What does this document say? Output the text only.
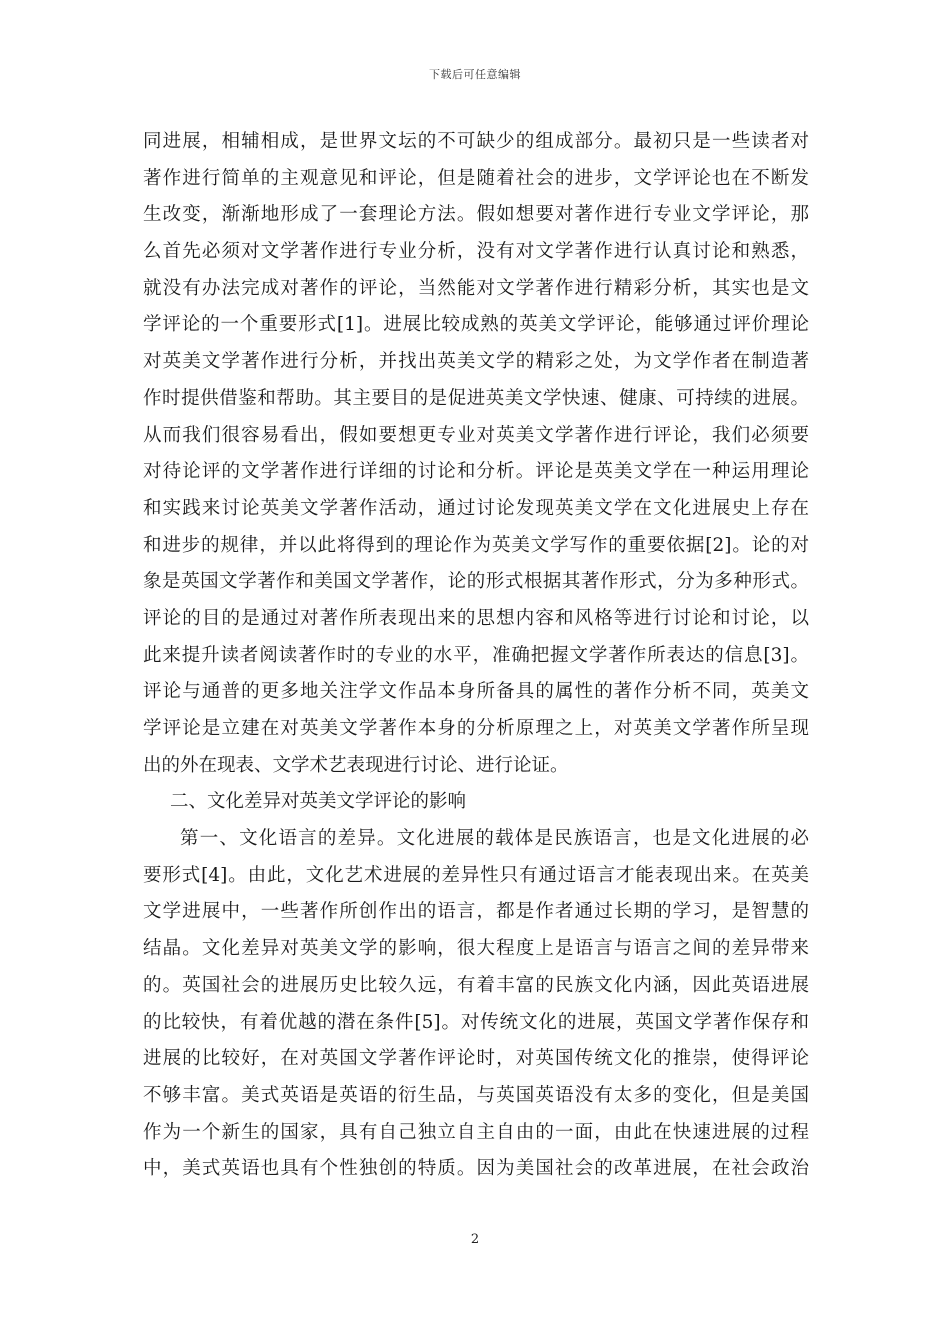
下载后可任意编辑
同进展，相辅相成，是世界文坛的不可缺少的组成部分。最初只是一些读者对
著作进行简单的主观意见和评论，但是随着社会的进步，文学评论也在不断发
生改变，渐渐地形成了一套理论方法。假如想要对著作进行专业文学评论，那
么首先必须对文学著作进行专业分析，没有对文学著作进行认真讨论和熟悉，
就没有办法完成对著作的评论，当然能对文学著作进行精彩分析，其实也是文
学评论的一个重要形式[1]。进展比较成熟的英美文学评论，能够通过评价理论
对英美文学著作进行分析，并找出英美文学的精彩之处，为文学作者在制造著
作时提供借鉴和帮助。其主要目的是促进英美文学快速、健康、可持续的进展。
从而我们很容易看出，假如要想更专业对英美文学著作进行评论，我们必须要
对待论评的文学著作进行详细的讨论和分析。评论是英美文学在一种运用理论
和实践来讨论英美文学著作活动，通过讨论发现英美文学在文化进展史上存在
和进步的规律，并以此将得到的理论作为英美文学写作的重要依据[2]。论的对
象是英国文学著作和美国文学著作，论的形式根据其著作形式，分为多种形式。
评论的目的是通过对著作所表现出来的思想内容和风格等进行讨论和讨论，以
此来提升读者阅读著作时的专业的水平，准确把握文学著作所表达的信息[3]。
评论与通普的更多地关注学文作品本身所备具的属性的著作分析不同，英美文
学评论是立建在对英美文学著作本身的分析原理之上，对英美文学著作所呈现
出的外在现表、文学术艺表现进行讨论、进行论证。
二、文化差异对英美文学评论的影响
第一、文化语言的差异。文化进展的载体是民族语言，也是文化进展的必
要形式[4]。由此，文化艺术进展的差异性只有通过语言才能表现出来。在英美
文学进展中，一些著作所创作出的语言，都是作者通过长期的学习，是智慧的
结晶。文化差异对英美文学的影响，很大程度上是语言与语言之间的差异带来
的。英国社会的进展历史比较久远，有着丰富的民族文化内涵，因此英语进展
的比较快，有着优越的潜在条件[5]。对传统文化的进展，英国文学著作保存和
进展的比较好，在对英国文学著作评论时，对英国传统文化的推崇，使得评论
不够丰富。美式英语是英语的衍生品，与英国英语没有太多的变化，但是美国
作为一个新生的国家，具有自己独立自主自由的一面，由此在快速进展的过程
中，美式英语也具有个性独创的特质。因为美国社会的改革进展，在社会政治
2
